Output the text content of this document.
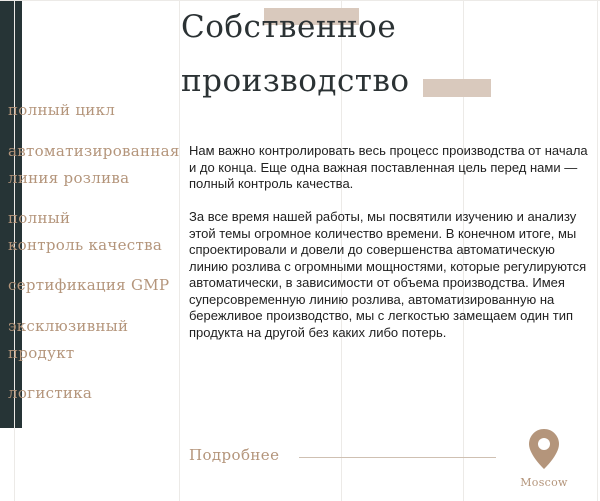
Собственное
производство
полный цикл
автоматизированная
линия розлива
полный
контроль качества
сертификация GMP
эксклюзивный
продукт
логистика

Нам важно контролировать весь процесс производства от начала и до конца. Еще одна важная поставленная цель перед нами — полный контроль качества.

За все время нашей работы, мы посвятили изучению и анализу этой темы огромное количество времени. В конечном итоге, мы спроектировали и довели до совершенства автоматическую линию розлива с огромными мощностями, которые регулируются автоматически, в зависимости от объема производства. Имея суперсовременную линию розлива, автоматизированную на бережливое производство, мы с легкостью замещаем один тип продукта на другой без каких либо потерь.

Подробнее
Moscow
